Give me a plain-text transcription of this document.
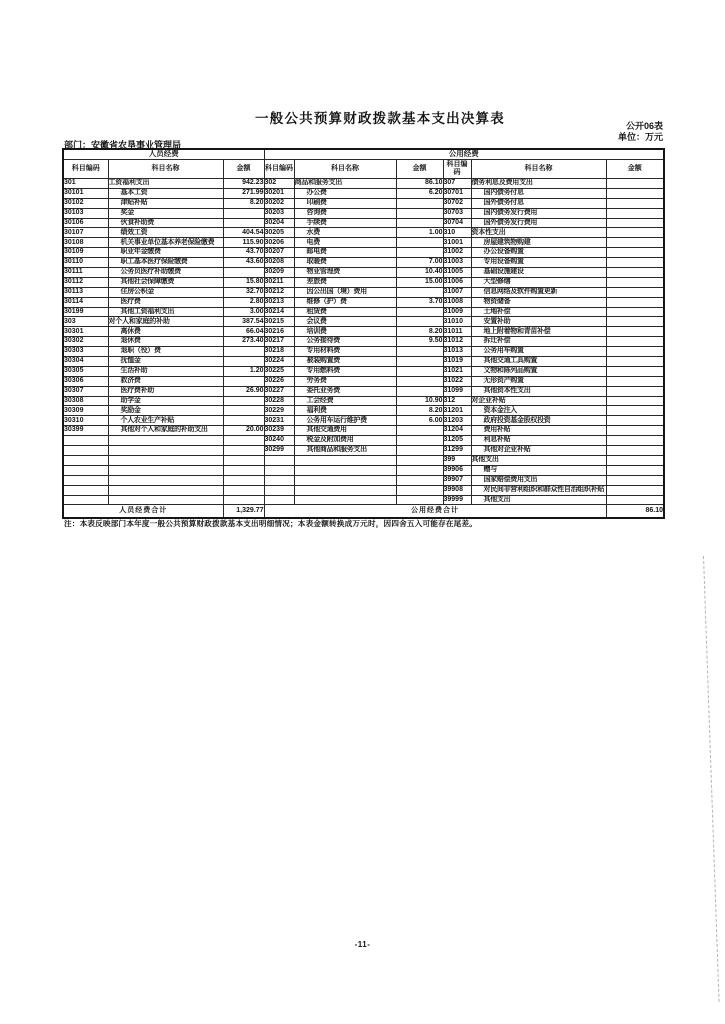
一般公共预算财政拨款基本支出决算表	公开06表
单位：万元
部门：安徽省农垦事业管理局
人员经费			公用经费					
科目编码	科目名称	金额	科目编码	科目名称	金额	科目编码	科目名称	金额
301	工资福利支出	942.23	302	商品和服务支出	86.10	307	债务利息及费用支出	
30101	基本工资	271.99	30201	办公费	6.20	30701	国内债务付息	
30102	津贴补贴	8.20	30202	印刷费		30702	国外债务付息	
30103	奖金		30203	咨询费		30703	国内债务发行费用	
30106	伙食补助费		30204	手续费		30704	国外债务发行费用	
30107	绩效工资	404.54	30205	水费	1.00	310	资本性支出	
30108	机关事业单位基本养老保险缴费	115.90	30206	电费		31001	房屋建筑物购建	
30109	职业年金缴费	43.70	30207	邮电费		31002	办公设备购置	
30110	职工基本医疗保险缴费	43.60	30208	取暖费	7.00	31003	专用设备购置	
30111	公务员医疗补助缴费		30209	物业管理费	10.40	31005	基础设施建设	
30112	其他社会保障缴费	15.80	30211	差旅费	15.00	31006	大型修缮	
30113	住房公积金	32.70	30212	因公出国（境）费用		31007	信息网络及软件购置更新	
30114	医疗费	2.80	30213	维修（护）费	3.70	31008	物资储备	
30199	其他工资福利支出	3.00	30214	租赁费		31009	土地补偿	
303	对个人和家庭的补助	387.54	30215	会议费		31010	安置补助	
30301	离休费	66.04	30216	培训费	8.20	31011	地上附着物和青苗补偿	
30302	退休费	273.40	30217	公务接待费	9.50	31012	拆迁补偿	
30303	退职（役）费		30218	专用材料费		31013	公务用车购置	
30304	抚恤金		30224	被装购置费		31019	其他交通工具购置	
30305	生活补助	1.20	30225	专用燃料费		31021	文物和陈列品购置	
30306	救济费		30226	劳务费		31022	无形资产购置	
30307	医疗费补助	26.90	30227	委托业务费		31099	其他资本性支出	
30308	助学金		30228	工会经费	10.90	312	对企业补贴	
30309	奖励金		30229	福利费	8.20	31201	资本金注入	
30310	个人农业生产补贴		30231	公务用车运行维护费	6.00	31203	政府投资基金股权投资	
30399	其他对个人和家庭的补助支出	20.00	30239	其他交通费用		31204	费用补贴	
			30240	税金及附加费用		31205	利息补贴	
			30299	其他商品和服务支出		31299	其他对企业补贴	
						399	其他支出	
						39906	赠与	
						39907	国家赔偿费用支出	
						39908	对民间非营利组织和群众性自治组织补贴	
						39999	其他支出	
人员经费合计		1,329.77	公用经费合计					86.10
注：本表反映部门本年度一般公共预算财政拨款基本支出明细情况；本表金额转换成万元时，因四舍五入可能存在尾差。
-11-
